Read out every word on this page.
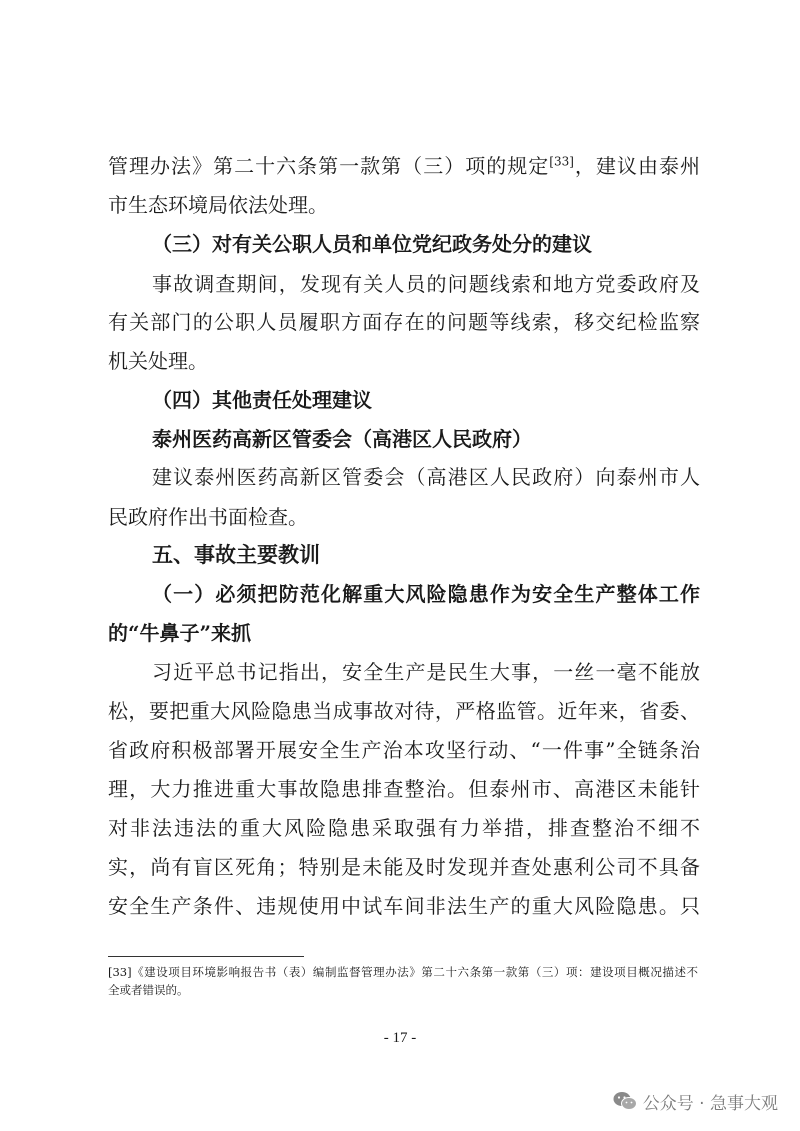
管理办法》第二十六条第一款第（三）项的规定[33]，建议由泰州

市生态环境局依法处理。

（三）对有关公职人员和单位党纪政务处分的建议

事故调查期间，发现有关人员的问题线索和地方党委政府及

有关部门的公职人员履职方面存在的问题等线索，移交纪检监察

机关处理。

（四）其他责任处理建议

泰州医药高新区管委会（高港区人民政府）

建议泰州医药高新区管委会（高港区人民政府）向泰州市人

民政府作出书面检查。

五、事故主要教训

（一）必须把防范化解重大风险隐患作为安全生产整体工作

的“牛鼻子”来抓

习近平总书记指出，安全生产是民生大事，一丝一毫不能放

松，要把重大风险隐患当成事故对待，严格监管。近年来，省委、

省政府积极部署开展安全生产治本攻坚行动、“一件事”全链条治

理，大力推进重大事故隐患排查整治。但泰州市、高港区未能针

对非法违法的重大风险隐患采取强有力举措，排查整治不细不

实，尚有盲区死角；特别是未能及时发现并查处惠利公司不具备

安全生产条件、违规使用中试车间非法生产的重大风险隐患。只

[33]《建设项目环境影响报告书（表）编制监督管理办法》第二十六条第一款第（三）项：建设项目概况描述不

全或者错误的。

- 17 -
公众号 · 急事大观
